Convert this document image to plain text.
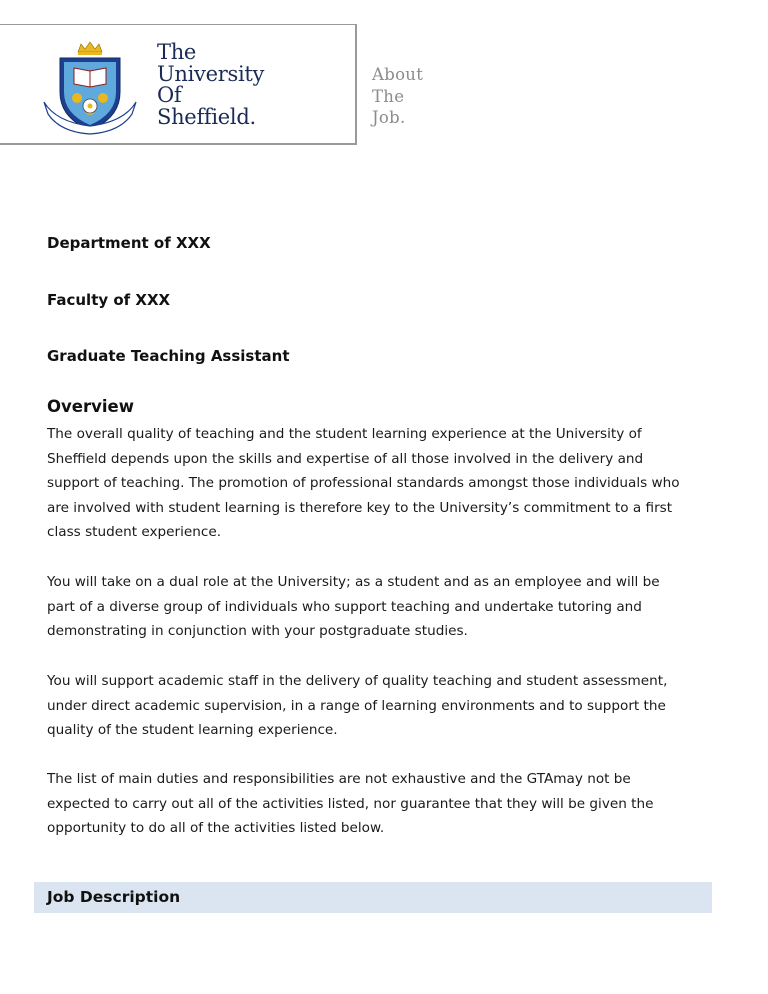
The
University
Of
Sheffield.
About
The
Job.
Department of XXX
Faculty of XXX
Graduate Teaching Assistant
Overview

The overall quality of teaching and the student learning experience at the University of Sheffield depends upon the skills and expertise of all those involved in the delivery and support of teaching. The promotion of professional standards amongst those individuals who are involved with student learning is therefore key to the University’s commitment to a first class student experience.

You will take on a dual role at the University; as a student and as an employee and will be part of a diverse group of individuals who support teaching and undertake tutoring and demonstrating in conjunction with your postgraduate studies.

You will support academic staff in the delivery of quality teaching and student assessment, under direct academic supervision, in a range of learning environments and to support the quality of the student learning experience.

The list of main duties and responsibilities are not exhaustive and the GTAmay not be expected to carry out all of the activities listed, nor guarantee that they will be given the opportunity to do all of the activities listed below.

Job Description
